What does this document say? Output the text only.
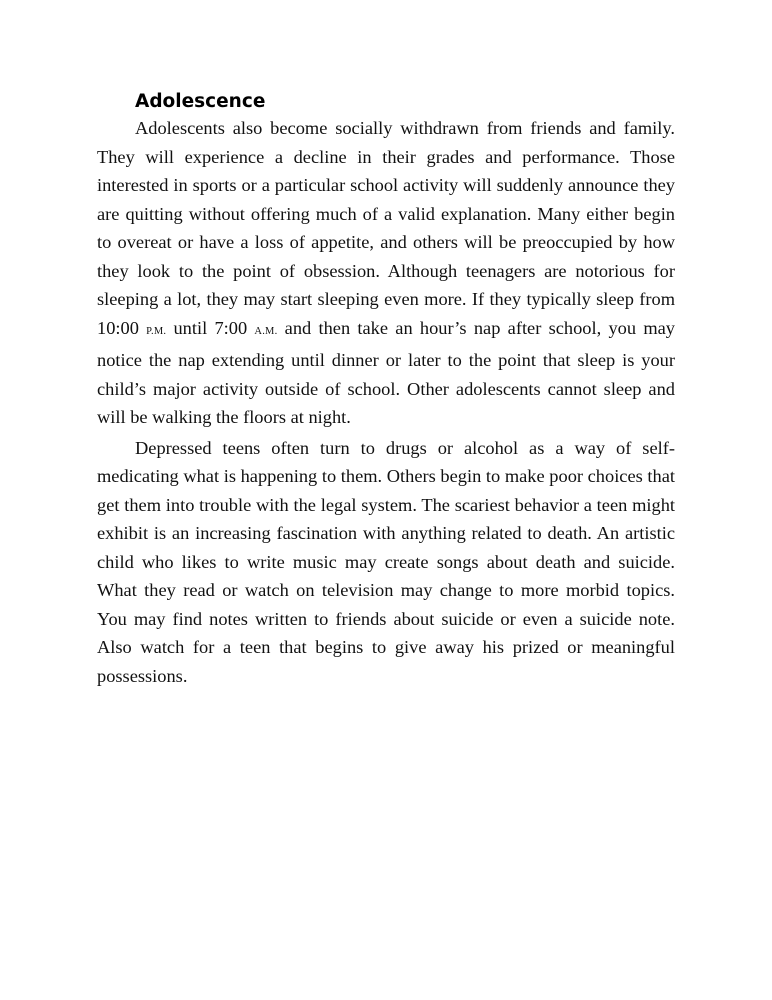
Adolescence

Adolescents also become socially withdrawn from friends and family. They will experience a decline in their grades and performance. Those interested in sports or a particular school activity will suddenly announce they are quitting without offering much of a valid explanation. Many either begin to overeat or have a loss of appetite, and others will be preoccupied by how they look to the point of obsession. Although teenagers are notorious for sleeping a lot, they may start sleeping even more. If they typically sleep from 10:00 P.M. until 7:00 A.M. and then take an hour’s nap after school, you may notice the nap extending until dinner or later to the point that sleep is your child’s major activity outside of school. Other adolescents cannot sleep and will be walking the floors at night.

Depressed teens often turn to drugs or alcohol as a way of self-medicating what is happening to them. Others begin to make poor choices that get them into trouble with the legal system. The scariest behavior a teen might exhibit is an increasing fascination with anything related to death. An artistic child who likes to write music may create songs about death and suicide. What they read or watch on television may change to more morbid topics. You may find notes written to friends about suicide or even a suicide note. Also watch for a teen that begins to give away his prized or meaningful possessions.
